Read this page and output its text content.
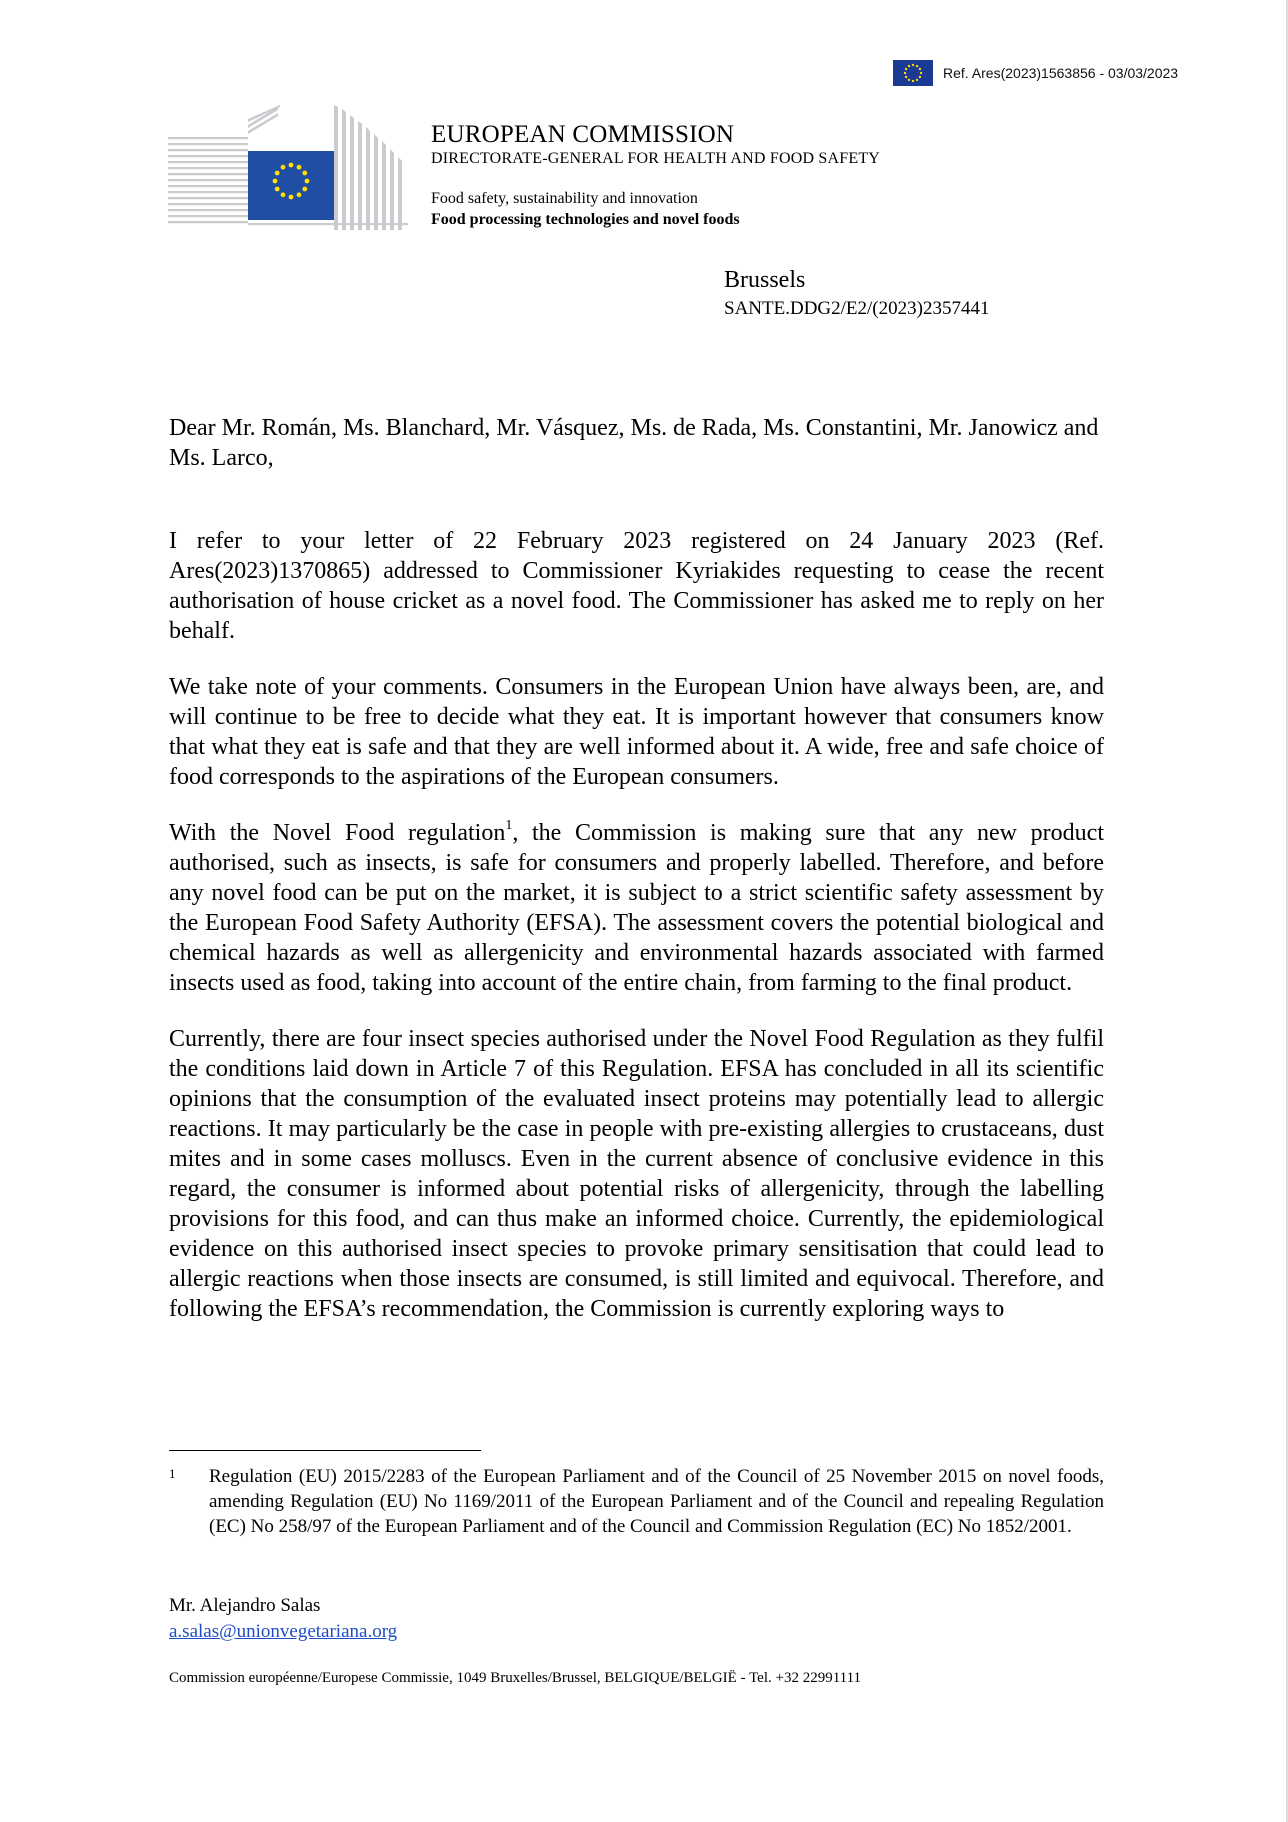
Ref. Ares(2023)1563856 - 03/03/2023
EUROPEAN COMMISSION
DIRECTORATE-GENERAL FOR HEALTH AND FOOD SAFETY
Food safety, sustainability and innovation
Food processing technologies and novel foods
Brussels
SANTE.DDG2/E2/(2023)2357441
Dear Mr. Román, Ms. Blanchard, Mr. Vásquez, Ms. de Rada, Ms. Constantini, Mr. Janowicz and Ms. Larco,

I refer to your letter of 22 February 2023 registered on 24 January 2023 (Ref. Ares(2023)1370865) addressed to Commissioner Kyriakides requesting to cease the recent authorisation of house cricket as a novel food. The Commissioner has asked me to reply on her behalf.

We take note of your comments. Consumers in the European Union have always been, are, and will continue to be free to decide what they eat. It is important however that consumers know that what they eat is safe and that they are well informed about it. A wide, free and safe choice of food corresponds to the aspirations of the European consumers.

With the Novel Food regulation$^1$, the Commission is making sure that any new product authorised, such as insects, is safe for consumers and properly labelled. Therefore, and before any novel food can be put on the market, it is subject to a strict scientific safety assessment by the European Food Safety Authority (EFSA). The assessment covers the potential biological and chemical hazards as well as allergenicity and environmental hazards associated with farmed insects used as food, taking into account of the entire chain, from farming to the final product.

Currently, there are four insect species authorised under the Novel Food Regulation as they fulfil the conditions laid down in Article 7 of this Regulation. EFSA has concluded in all its scientific opinions that the consumption of the evaluated insect proteins may potentially lead to allergic reactions. It may particularly be the case in people with pre-existing allergies to crustaceans, dust mites and in some cases molluscs. Even in the current absence of conclusive evidence in this regard, the consumer is informed about potential risks of allergenicity, through the labelling provisions for this food, and can thus make an informed choice. Currently, the epidemiological evidence on this authorised insect species to provoke primary sensitisation that could lead to allergic reactions when those insects are consumed, is still limited and equivocal. Therefore, and following the EFSA’s recommendation, the Commission is currently exploring ways to

1	Regulation (EU) 2015/2283 of the European Parliament and of the Council of 25 November 2015 on novel foods, amending Regulation (EU) No 1169/2011 of the European Parliament and of the Council and repealing Regulation (EC) No 258/97 of the European Parliament and of the Council and Commission Regulation (EC) No 1852/2001.
Mr. Alejandro Salas
a.salas@unionvegetariana.org
Commission européenne/Europese Commissie, 1049 Bruxelles/Brussel, BELGIQUE/BELGIË - Tel. +32 22991111
